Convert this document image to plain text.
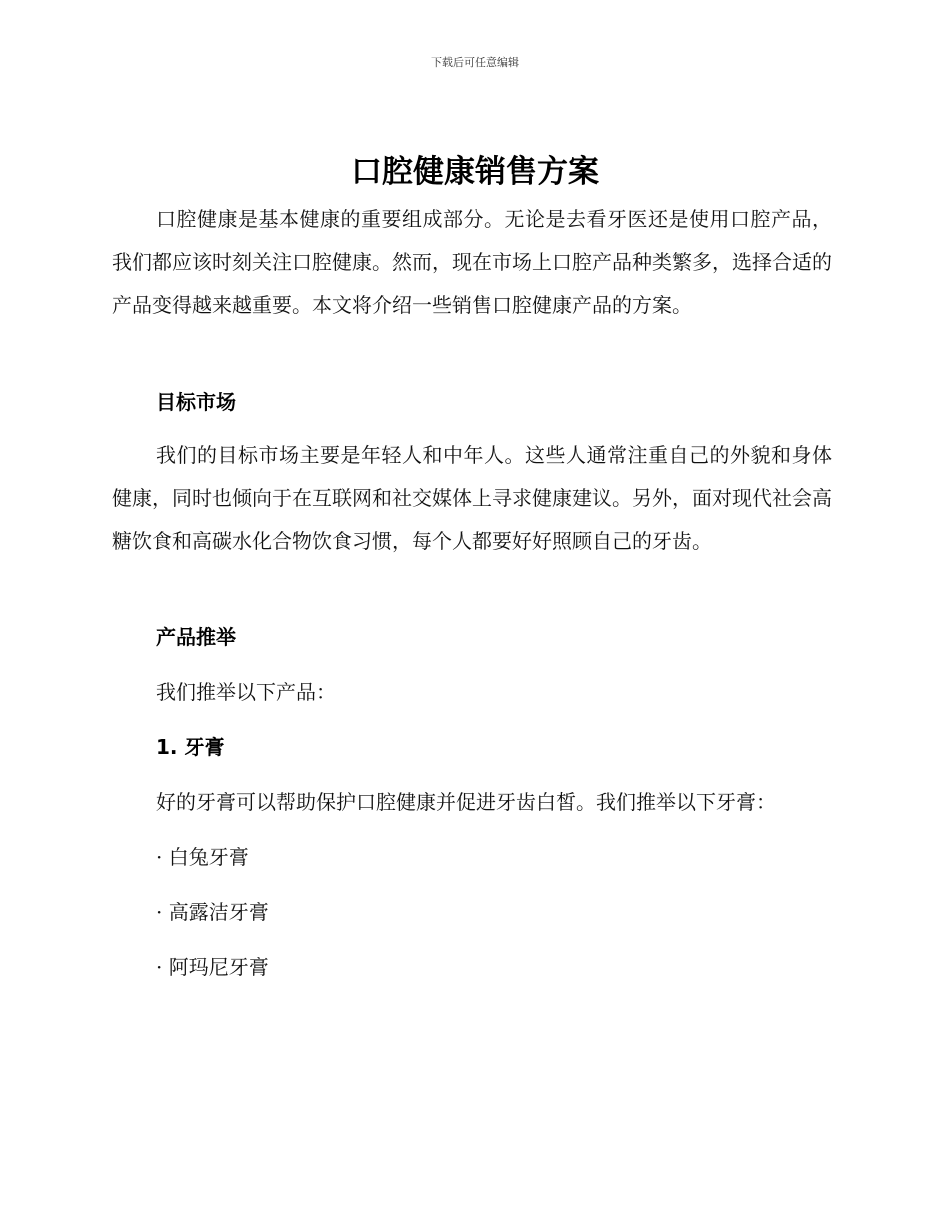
下载后可任意编辑
口腔健康销售方案

口腔健康是基本健康的重要组成部分。无论是去看牙医还是使用口腔产品，我们都应该时刻关注口腔健康。然而，现在市场上口腔产品种类繁多，选择合适的产品变得越来越重要。本文将介绍一些销售口腔健康产品的方案。

目标市场

我们的目标市场主要是年轻人和中年人。这些人通常注重自己的外貌和身体健康，同时也倾向于在互联网和社交媒体上寻求健康建议。另外，面对现代社会高糖饮食和高碳水化合物饮食习惯，每个人都要好好照顾自己的牙齿。

产品推举

我们推举以下产品：

1. 牙膏

好的牙膏可以帮助保护口腔健康并促进牙齿白皙。我们推举以下牙膏：

· 白兔牙膏

· 高露洁牙膏

· 阿玛尼牙膏
